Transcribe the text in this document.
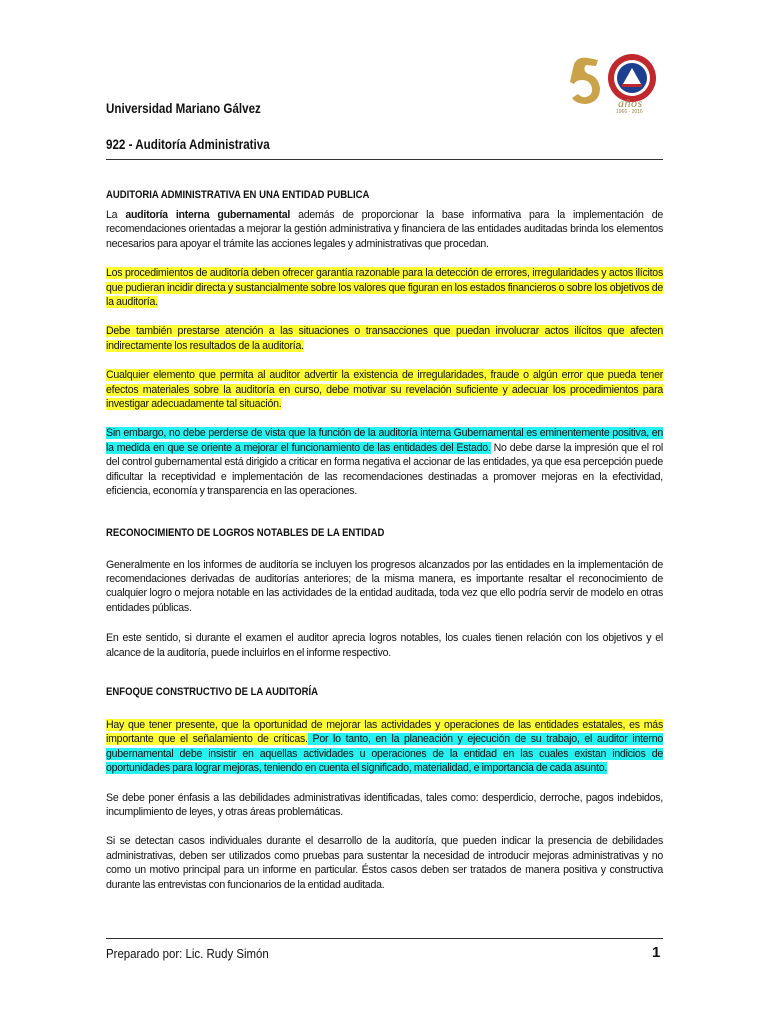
años
1966 - 2016
Universidad Mariano Gálvez
922 - Auditoría Administrativa
AUDITORIA ADMINISTRATIVA EN UNA ENTIDAD PUBLICA

La auditoría interna gubernamental además de proporcionar la base informativa para la implementación de recomendaciones orientadas a mejorar la gestión administrativa y financiera de las entidades auditadas brinda los elementos necesarios para apoyar el trámite las acciones legales y administrativas que procedan.

Los procedimientos de auditoría deben ofrecer garantía razonable para la detección de errores, irregularidades y actos ilícitos que pudieran incidir directa y sustancialmente sobre los valores que figuran en los estados financieros o sobre los objetivos de la auditoría.

Debe también prestarse atención a las situaciones o transacciones que puedan involucrar actos ilícitos que afecten indirectamente los resultados de la auditoría.

Cualquier elemento que permita al auditor advertir la existencia de irregularidades, fraude o algún error que pueda tener efectos materiales sobre la auditoría en curso, debe motivar su revelación suficiente y adecuar los procedimientos para investigar adecuadamente tal situación.

Sin embargo, no debe perderse de vista que la función de la auditoría interna Gubernamental es eminentemente positiva, en la medida en que se oriente a mejorar el funcionamiento de las entidades del Estado. No debe darse la impresión que el rol del control gubernamental está dirigido a criticar en forma negativa el accionar de las entidades, ya que esa percepción puede dificultar la receptividad e implementación de las recomendaciones destinadas a promover mejoras en la efectividad, eficiencia, economía y transparencia en las operaciones.

RECONOCIMIENTO DE LOGROS NOTABLES DE LA ENTIDAD

Generalmente en los informes de auditoría se incluyen los progresos alcanzados por las entidades en la implementación de recomendaciones derivadas de auditorías anteriores; de la misma manera, es importante resaltar el reconocimiento de cualquier logro o mejora notable en las actividades de la entidad auditada, toda vez que ello podría servir de modelo en otras entidades públicas.

En este sentido, si durante el examen el auditor aprecia logros notables, los cuales tienen relación con los objetivos y el alcance de la auditoría, puede incluirlos en el informe respectivo.

ENFOQUE CONSTRUCTIVO DE LA AUDITORÍA

Hay que tener presente, que la oportunidad de mejorar las actividades y operaciones de las entidades estatales, es más importante que el señalamiento de críticas. Por lo tanto, en la planeación y ejecución de su trabajo, el auditor interno gubernamental debe insistir en aquellas actividades u operaciones de la entidad en las cuales existan indicios de oportunidades para lograr mejoras, teniendo en cuenta el significado, materialidad, e importancia de cada asunto.

Se debe poner énfasis a las debilidades administrativas identificadas, tales como: desperdicio, derroche, pagos indebidos, incumplimiento de leyes, y otras áreas problemáticas.

Si se detectan casos individuales durante el desarrollo de la auditoría, que pueden indicar la presencia de debilidades administrativas, deben ser utilizados como pruebas para sustentar la necesidad de introducir mejoras administrativas y no como un motivo principal para un informe en particular. Éstos casos deben ser tratados de manera positiva y constructiva durante las entrevistas con funcionarios de la entidad auditada.

Preparado por: Lic. Rudy Simón	1
